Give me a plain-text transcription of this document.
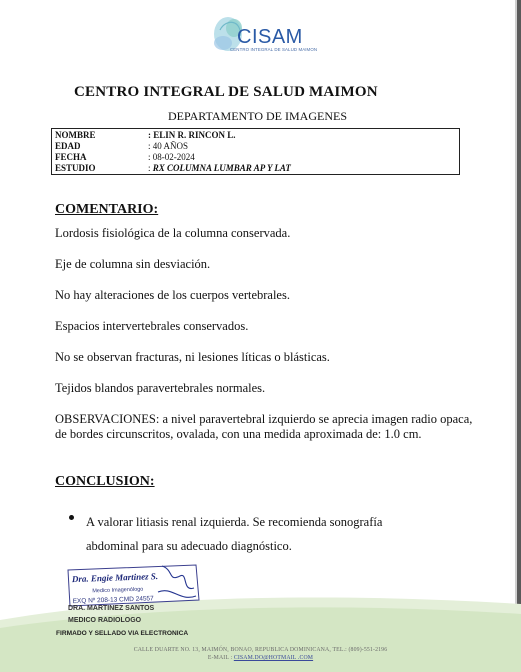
CISAM
CENTRO INTEGRAL DE SALUD MAIMON
CENTRO INTEGRAL DE SALUD MAIMON
DEPARTAMENTO DE IMAGENES
NOMBRE	: ELIN R. RINCON L.
EDAD	: 40 AÑOS
FECHA	: 08-02-2024
ESTUDIO	: RX COLUMNA LUMBAR AP Y LAT
COMENTARIO:
Lordosis fisiológica de la columna conservada.
Eje de columna sin desviación.
No hay alteraciones de los cuerpos vertebrales.
Espacios intervertebrales conservados.
No se observan fracturas, ni lesiones líticas o blásticas.
Tejidos blandos paravertebrales normales.
OBSERVACIONES: a nivel paravertebral izquierdo se aprecia imagen radio opaca, de bordes circunscritos, ovalada, con una medida aproximada de: 1.0 cm.
CONCLUSION:
A valorar litiasis renal izquierda. Se recomienda sonografía
abdominal para su adecuado diagnóstico.
CALLE DUARTE NO. 13, MAIMÓN, BONAO, REPUBLICA DOMINICANA, TEL.: (809)-551-2196
E-MAIL : CISAM.DO@HOTMAIL .COM
Dra. Engie Martinez S.
Medico Imagenólogo
EXQ Nº 208-13 CMD 24557
DRA. MARTINEZ SANTOS
MEDICO RADIOLOGO
FIRMADO Y SELLADO VIA ELECTRONICA
